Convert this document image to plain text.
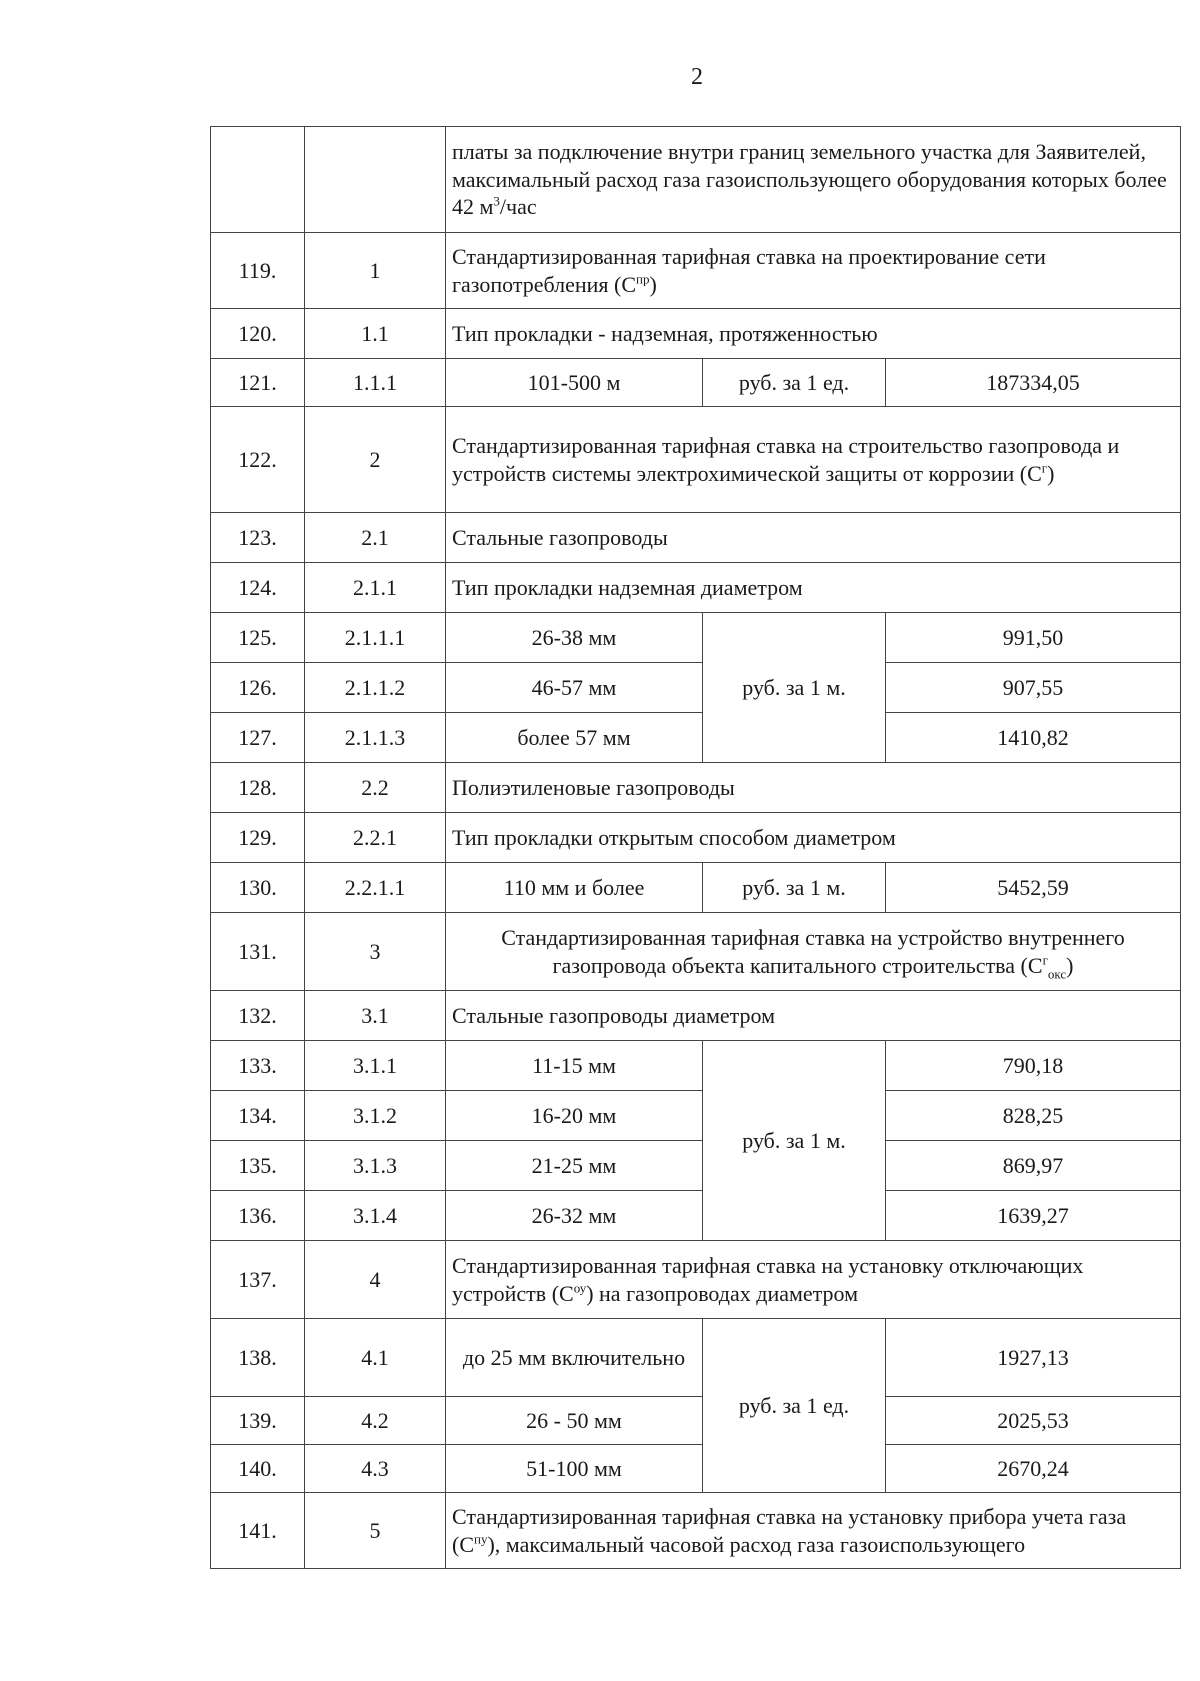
2
		платы за подключение внутри границ земельного участка для Заявителей, максимальный расход газа газоиспользующего оборудования которых более 42 $м^3$/час		
119.	1	Стандартизированная тарифная ставка на проектирование сети газопотребления $(С^{пр})$		
120.	1.1	Тип прокладки - надземная, протяженностью		
121.	1.1.1	101-500 м	руб. за 1 ед.	187334,05
122.	2	Стандартизированная тарифная ставка на строительство газопровода и устройств системы электрохимической защиты от коррозии $(С^г)$		
123.	2.1	Стальные газопроводы		
124.	2.1.1	Тип прокладки надземная диаметром		
125.	2.1.1.1	26-38 мм	руб. за 1 м.	991,50
126.	2.1.1.2	46-57 мм		907,55
127.	2.1.1.3	более 57 мм		1410,82
128.	2.2	Полиэтиленовые газопроводы		
129.	2.2.1	Тип прокладки открытым способом диаметром		
130.	2.2.1.1	110 мм и более	руб. за 1 м.	5452,59
131.	3	Стандартизированная тарифная ставка на устройство внутреннего газопровода объекта капитального строительства $(С^г_{окс})$		
132.	3.1	Стальные газопроводы диаметром		
133.	3.1.1	11-15 мм	руб. за 1 м.	790,18
134.	3.1.2	16-20 мм		828,25
135.	3.1.3	21-25 мм		869,97
136.	3.1.4	26-32 мм		1639,27
137.	4	Стандартизированная тарифная ставка на установку отключающих устройств $(С^{оу})$ на газопроводах диаметром		
138.	4.1	до 25 мм включительно	руб. за 1 ед.	1927,13
139.	4.2	26 - 50 мм		2025,53
140.	4.3	51-100 мм		2670,24
141.	5	Стандартизированная тарифная ставка на установку прибора учета газа $(С^{пу})$, максимальный часовой расход газа газоиспользующего		
